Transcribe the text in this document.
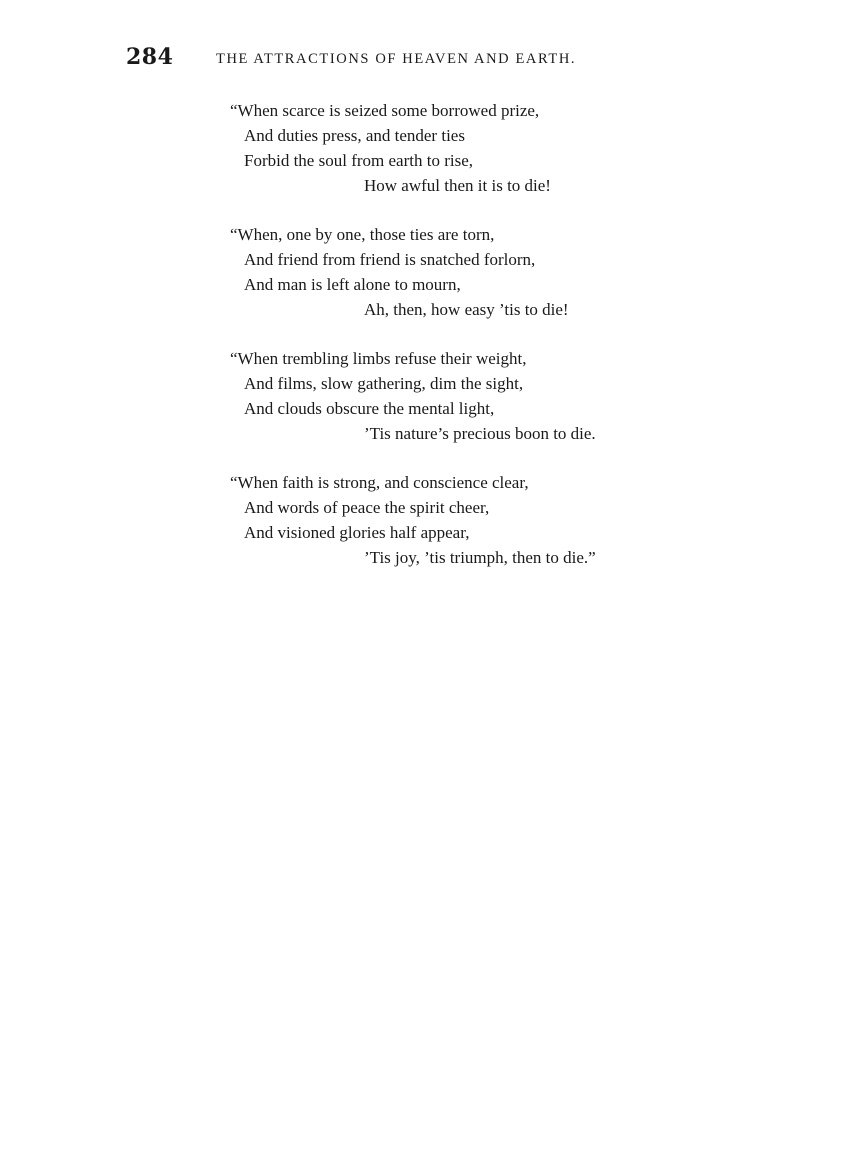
284	THE ATTRACTIONS OF HEAVEN AND EARTH.
“When scarce is seized some borrowed prize,
And duties press, and tender ties
Forbid the soul from earth to rise,
How awful then it is to die!
“When, one by one, those ties are torn,
And friend from friend is snatched forlorn,
And man is left alone to mourn,
Ah, then, how easy ’tis to die!
“When trembling limbs refuse their weight,
And films, slow gathering, dim the sight,
And clouds obscure the mental light,
’Tis nature’s precious boon to die.
“When faith is strong, and conscience clear,
And words of peace the spirit cheer,
And visioned glories half appear,
’Tis joy, ’tis triumph, then to die.”
